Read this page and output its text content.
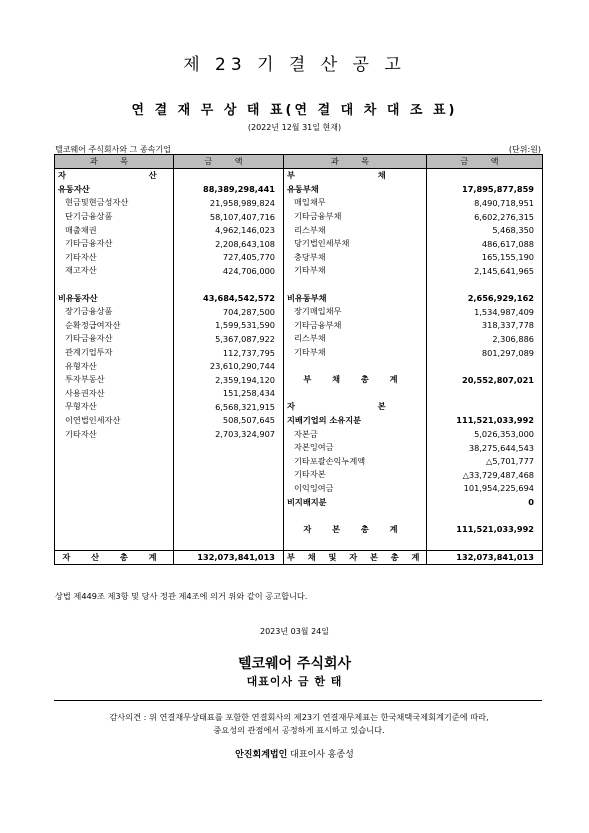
제 23 기 결 산 공 고
연 결 재 무 상 태 표(연 결 대 차 대 조 표)
(2022년 12월 31일 현재)
텔코웨어 주식회사와 그 종속기업	(단위:원)
과 목	금 액	과 목	금 액
자 산		부 채	
유동자산	88,389,298,441	유동부채	17,895,877,859
현금및현금성자산	21,958,989,824	매입채무	8,490,718,951
단기금융상품	58,107,407,716	기타금융부채	6,602,276,315
매출채권	4,962,146,023	리스부채	5,468,350
기타금융자산	2,208,643,108	당기법인세부채	486,617,088
기타자산	727,405,770	충당부채	165,155,190
재고자산	424,706,000	기타부채	2,145,641,965

비유동자산	43,684,542,572	비유동부채	2,656,929,162
장기금융상품	704,287,500	장기매입채무	1,534,987,409
순확정급여자산	1,599,531,590	기타금융부채	318,337,778
기타금융자산	5,367,087,922	리스부채	2,306,886
관계기업투자	112,737,795	기타부채	801,297,089
유형자산	23,610,290,744		
투자부동산	2,359,194,120	부 채 총 계	20,552,807,021
사용권자산	151,258,434		
무형자산	6,568,321,915	자 본	
이연법인세자산	508,507,645	지배기업의 소유지분	111,521,033,992
기타자산	2,703,324,907	자본금	5,026,353,000
		자본잉여금	38,275,644,543
		기타포괄손익누계액	△5,701,777
		기타자본	△33,729,487,468
		이익잉여금	101,954,225,694
		비지배지분	0

		자 본 총 계	111,521,033,992

자 산 총 계	132,073,841,013	부 채 및 자 본 총 계	132,073,841,013
상법 제449조 제3항 및 당사 정관 제4조에 의거 위와 같이 공고합니다.
2023년 03월 24일
텔코웨어 주식회사
대표이사 금 한 태
감사의견 : 위 연결재무상태표를 포함한 연결회사의 제23기 연결재무제표는 한국채택국제회계기준에 따라,
중요성의 관점에서 공정하게 표시하고 있습니다.
안진회계법인 대표이사 홍종성
